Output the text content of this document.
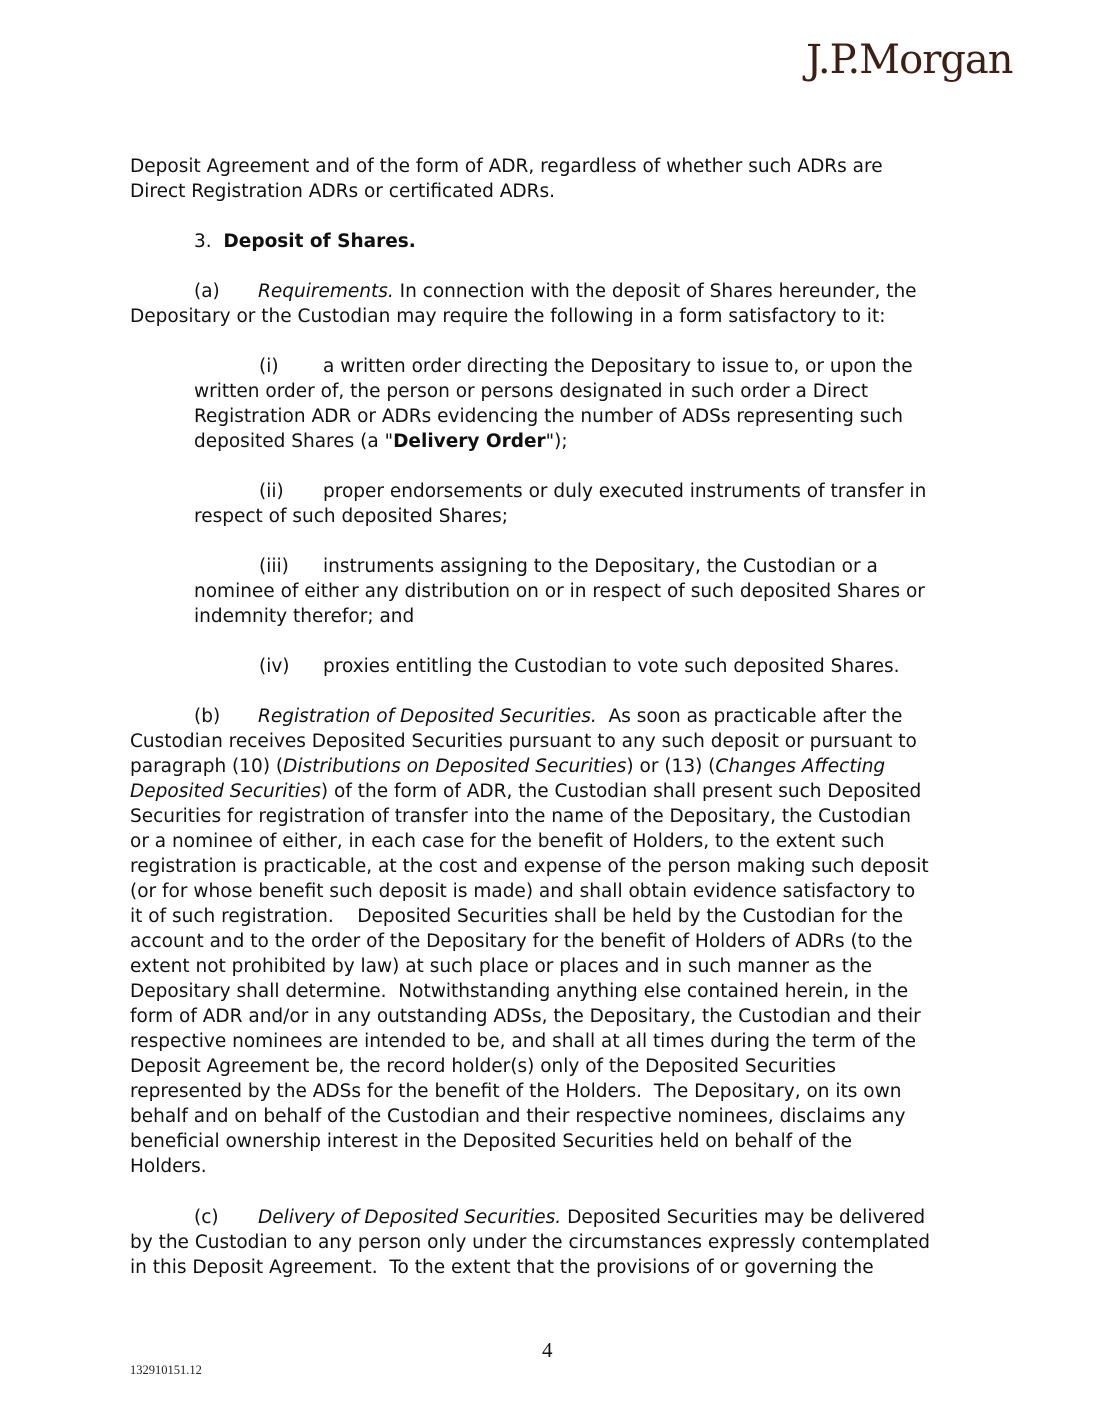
J.P.Morgan
Deposit Agreement and of the form of ADR, regardless of whether such ADRs are
Direct Registration ADRs or certificated ADRs.
3. Deposit of Shares.
(a) Requirements. In connection with the deposit of Shares hereunder, the
Depositary or the Custodian may require the following in a form satisfactory to it:
(i) a written order directing the Depositary to issue to, or upon the
written order of, the person or persons designated in such order a Direct
Registration ADR or ADRs evidencing the number of ADSs representing such
deposited Shares (a "Delivery Order");
(ii) proper endorsements or duly executed instruments of transfer in
respect of such deposited Shares;
(iii) instruments assigning to the Depositary, the Custodian or a
nominee of either any distribution on or in respect of such deposited Shares or
indemnity therefor; and
(iv) proxies entitling the Custodian to vote such deposited Shares.
(b) Registration of Deposited Securities.  As soon as practicable after the
Custodian receives Deposited Securities pursuant to any such deposit or pursuant to
paragraph (10) (Distributions on Deposited Securities) or (13) (Changes Affecting
Deposited Securities) of the form of ADR, the Custodian shall present such Deposited
Securities for registration of transfer into the name of the Depositary, the Custodian
or a nominee of either, in each case for the benefit of Holders, to the extent such
registration is practicable, at the cost and expense of the person making such deposit
(or for whose benefit such deposit is made) and shall obtain evidence satisfactory to
it of such registration.    Deposited Securities shall be held by the Custodian for the
account and to the order of the Depositary for the benefit of Holders of ADRs (to the
extent not prohibited by law) at such place or places and in such manner as the
Depositary shall determine.  Notwithstanding anything else contained herein, in the
form of ADR and/or in any outstanding ADSs, the Depositary, the Custodian and their
respective nominees are intended to be, and shall at all times during the term of the
Deposit Agreement be, the record holder(s) only of the Deposited Securities
represented by the ADSs for the benefit of the Holders.  The Depositary, on its own
behalf and on behalf of the Custodian and their respective nominees, disclaims any
beneficial ownership interest in the Deposited Securities held on behalf of the
Holders.
(c) Delivery of Deposited Securities. Deposited Securities may be delivered
by the Custodian to any person only under the circumstances expressly contemplated
in this Deposit Agreement.  To the extent that the provisions of or governing the
4
132910151.12
